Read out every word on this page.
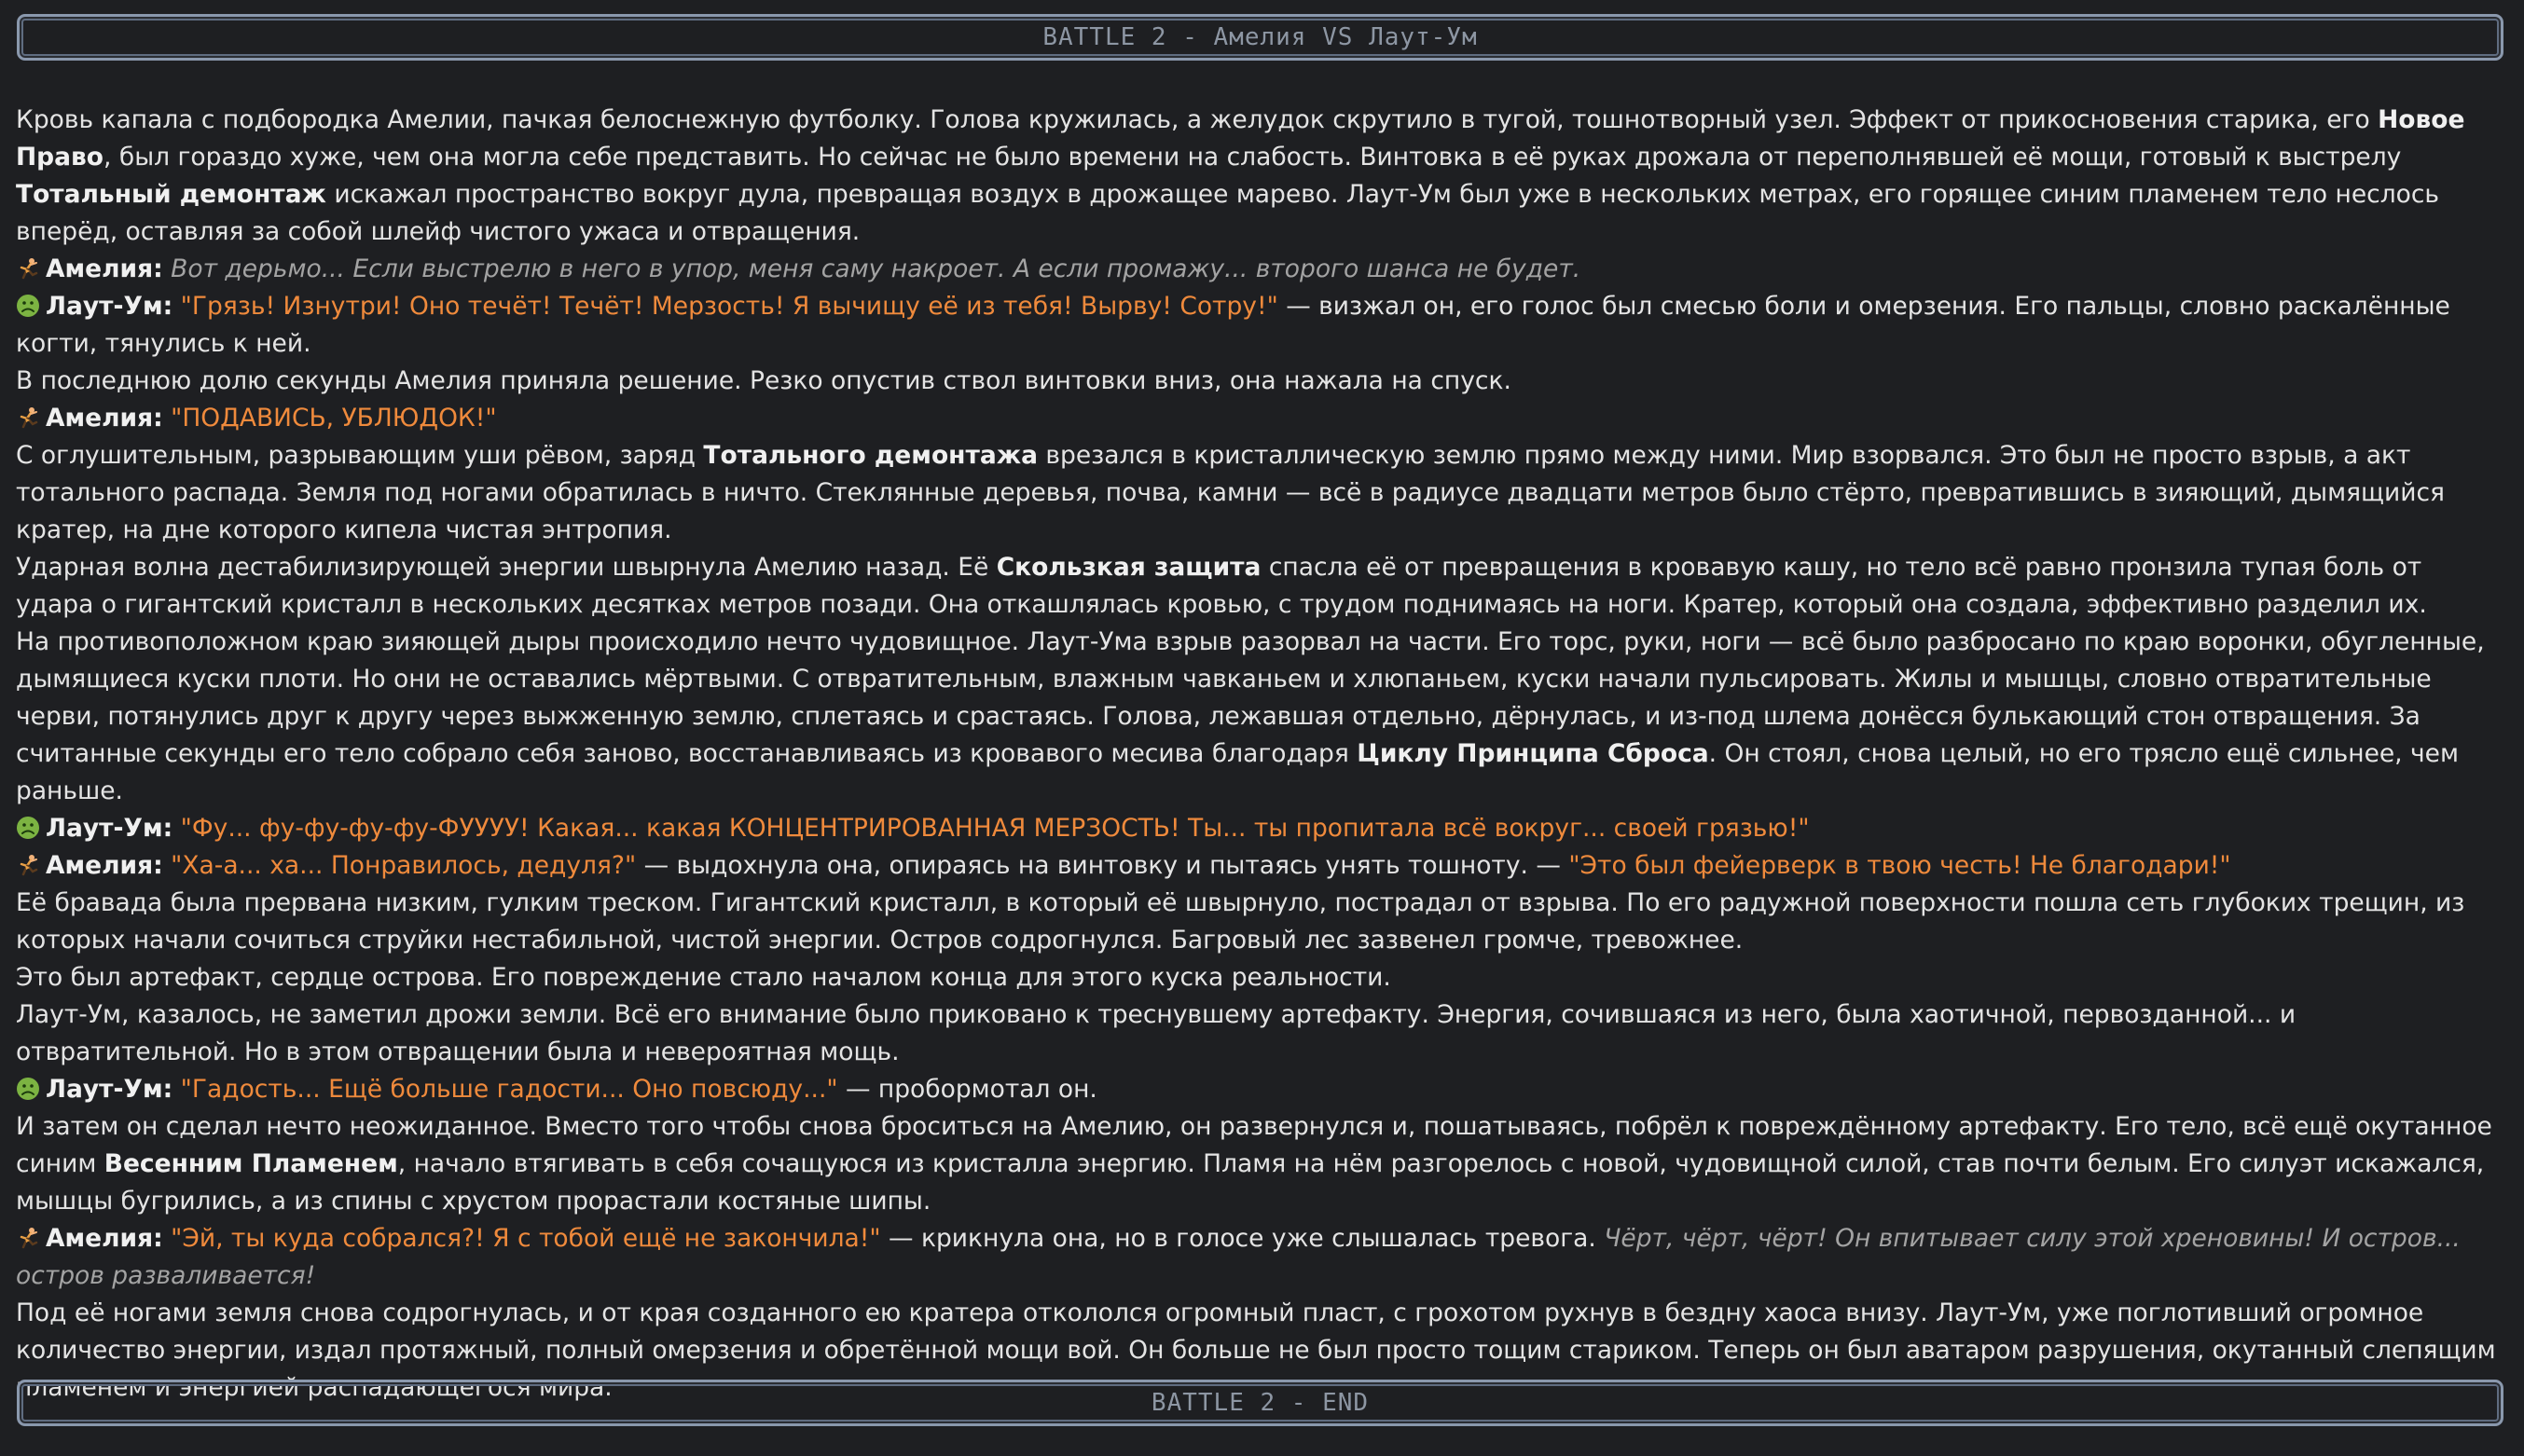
BATTLE 2 - Амелия VS Лаут-Ум

Кровь капала с подбородка Амелии, пачкая белоснежную футболку. Голова кружилась, а желудок скрутило в тугой, тошнотворный узел. Эффект от прикосновения старика, его Новое Право, был гораздо хуже, чем она могла себе представить. Но сейчас не было времени на слабость. Винтовка в её руках дрожала от переполнявшей её мощи, готовый к выстрелу Тотальный демонтаж искажал пространство вокруг дула, превращая воздух в дрожащее марево. Лаут-Ум был уже в нескольких метрах, его горящее синим пламенем тело неслось вперёд, оставляя за собой шлейф чистого ужаса и отвращения.

Амелия: Вот дерьмо... Если выстрелю в него в упор, меня саму накроет. А если промажу... второго шанса не будет.

Лаут-Ум: "Грязь! Изнутри! Оно течёт! Течёт! Мерзость! Я вычищу её из тебя! Вырву! Сотру!" — визжал он, его голос был смесью боли и омерзения. Его пальцы, словно раскалённые когти, тянулись к ней.

В последнюю долю секунды Амелия приняла решение. Резко опустив ствол винтовки вниз, она нажала на спуск.

Амелия: "ПОДАВИСЬ, УБЛЮДОК!"

С оглушительным, разрывающим уши рёвом, заряд Тотального демонтажа врезался в кристаллическую землю прямо между ними. Мир взорвался. Это был не просто взрыв, а акт тотального распада. Земля под ногами обратилась в ничто. Стеклянные деревья, почва, камни — всё в радиусе двадцати метров было стёрто, превратившись в зияющий, дымящийся кратер, на дне которого кипела чистая энтропия.

Ударная волна дестабилизирующей энергии швырнула Амелию назад. Её Скользкая защита спасла её от превращения в кровавую кашу, но тело всё равно пронзила тупая боль от удара о гигантский кристалл в нескольких десятках метров позади. Она откашлялась кровью, с трудом поднимаясь на ноги. Кратер, который она создала, эффективно разделил их.

На противоположном краю зияющей дыры происходило нечто чудовищное. Лаут-Ума взрыв разорвал на части. Его торс, руки, ноги — всё было разбросано по краю воронки, обугленные, дымящиеся куски плоти. Но они не оставались мёртвыми. С отвратительным, влажным чавканьем и хлюпаньем, куски начали пульсировать. Жилы и мышцы, словно отвратительные черви, потянулись друг к другу через выжженную землю, сплетаясь и срастаясь. Голова, лежавшая отдельно, дёрнулась, и из-под шлема донёсся булькающий стон отвращения. За считанные секунды его тело собрало себя заново, восстанавливаясь из кровавого месива благодаря Циклу Принципа Сброса. Он стоял, снова целый, но его трясло ещё сильнее, чем раньше.

Лаут-Ум: "Фу... фу-фу-фу-фу-ФУУУУ! Какая... какая КОНЦЕНТРИРОВАННАЯ МЕРЗОСТЬ! Ты... ты пропитала всё вокруг... своей грязью!"

Амелия: "Ха-а... ха... Понравилось, дедуля?" — выдохнула она, опираясь на винтовку и пытаясь унять тошноту. — "Это был фейерверк в твою честь! Не благодари!"

Её бравада была прервана низким, гулким треском. Гигантский кристалл, в который её швырнуло, пострадал от взрыва. По его радужной поверхности пошла сеть глубоких трещин, из которых начали сочиться струйки нестабильной, чистой энергии. Остров содрогнулся. Багровый лес зазвенел громче, тревожнее.

Это был артефакт, сердце острова. Его повреждение стало началом конца для этого куска реальности.

Лаут-Ум, казалось, не заметил дрожи земли. Всё его внимание было приковано к треснувшему артефакту. Энергия, сочившаяся из него, была хаотичной, первозданной... и отвратительной. Но в этом отвращении была и невероятная мощь.

Лаут-Ум: "Гадость... Ещё больше гадости... Оно повсюду..." — пробормотал он.

И затем он сделал нечто неожиданное. Вместо того чтобы снова броситься на Амелию, он развернулся и, пошатываясь, побрёл к повреждённому артефакту. Его тело, всё ещё окутанное синим Весенним Пламенем, начало втягивать в себя сочащуюся из кристалла энергию. Пламя на нём разгорелось с новой, чудовищной силой, став почти белым. Его силуэт искажался, мышцы бугрились, а из спины с хрустом прорастали костяные шипы.

Амелия: "Эй, ты куда собрался?! Я с тобой ещё не закончила!" — крикнула она, но в голосе уже слышалась тревога. Чёрт, чёрт, чёрт! Он впитывает силу этой хреновины! И остров... остров разваливается!

Под её ногами земля снова содрогнулась, и от края созданного ею кратера откололся огромный пласт, с грохотом рухнув в бездну хаоса внизу. Лаут-Ум, уже поглотивший огромное количество энергии, издал протяжный, полный омерзения и обретённой мощи вой. Он больше не был просто тощим стариком. Теперь он был аватаром разрушения, окутанный слепящим пламенем и энергией распадающегося мира.

BATTLE 2 - END
